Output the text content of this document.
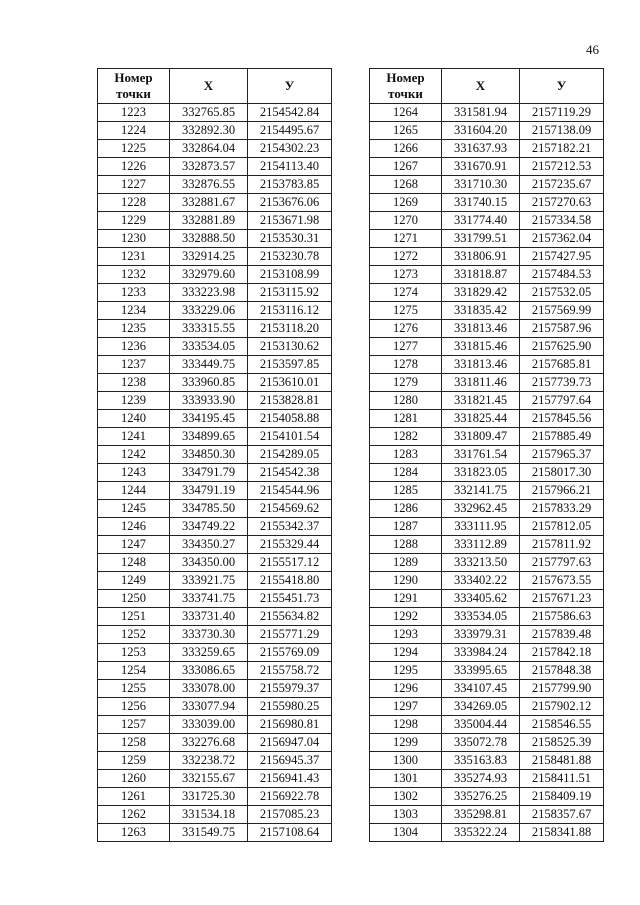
46
Номер
точки	Х	У
1223	332765.85	2154542.84
1224	332892.30	2154495.67
1225	332864.04	2154302.23
1226	332873.57	2154113.40
1227	332876.55	2153783.85
1228	332881.67	2153676.06
1229	332881.89	2153671.98
1230	332888.50	2153530.31
1231	332914.25	2153230.78
1232	332979.60	2153108.99
1233	333223.98	2153115.92
1234	333229.06	2153116.12
1235	333315.55	2153118.20
1236	333534.05	2153130.62
1237	333449.75	2153597.85
1238	333960.85	2153610.01
1239	333933.90	2153828.81
1240	334195.45	2154058.88
1241	334899.65	2154101.54
1242	334850.30	2154289.05
1243	334791.79	2154542.38
1244	334791.19	2154544.96
1245	334785.50	2154569.62
1246	334749.22	2155342.37
1247	334350.27	2155329.44
1248	334350.00	2155517.12
1249	333921.75	2155418.80
1250	333741.75	2155451.73
1251	333731.40	2155634.82
1252	333730.30	2155771.29
1253	333259.65	2155769.09
1254	333086.65	2155758.72
1255	333078.00	2155979.37
1256	333077.94	2155980.25
1257	333039.00	2156980.81
1258	332276.68	2156947.04
1259	332238.72	2156945.37
1260	332155.67	2156941.43
1261	331725.30	2156922.78
1262	331534.18	2157085.23
1263	331549.75	2157108.64
Номер
точки	Х	У
1264	331581.94	2157119.29
1265	331604.20	2157138.09
1266	331637.93	2157182.21
1267	331670.91	2157212.53
1268	331710.30	2157235.67
1269	331740.15	2157270.63
1270	331774.40	2157334.58
1271	331799.51	2157362.04
1272	331806.91	2157427.95
1273	331818.87	2157484.53
1274	331829.42	2157532.05
1275	331835.42	2157569.99
1276	331813.46	2157587.96
1277	331815.46	2157625.90
1278	331813.46	2157685.81
1279	331811.46	2157739.73
1280	331821.45	2157797.64
1281	331825.44	2157845.56
1282	331809.47	2157885.49
1283	331761.54	2157965.37
1284	331823.05	2158017.30
1285	332141.75	2157966.21
1286	332962.45	2157833.29
1287	333111.95	2157812.05
1288	333112.89	2157811.92
1289	333213.50	2157797.63
1290	333402.22	2157673.55
1291	333405.62	2157671.23
1292	333534.05	2157586.63
1293	333979.31	2157839.48
1294	333984.24	2157842.18
1295	333995.65	2157848.38
1296	334107.45	2157799.90
1297	334269.05	2157902.12
1298	335004.44	2158546.55
1299	335072.78	2158525.39
1300	335163.83	2158481.88
1301	335274.93	2158411.51
1302	335276.25	2158409.19
1303	335298.81	2158357.67
1304	335322.24	2158341.88
